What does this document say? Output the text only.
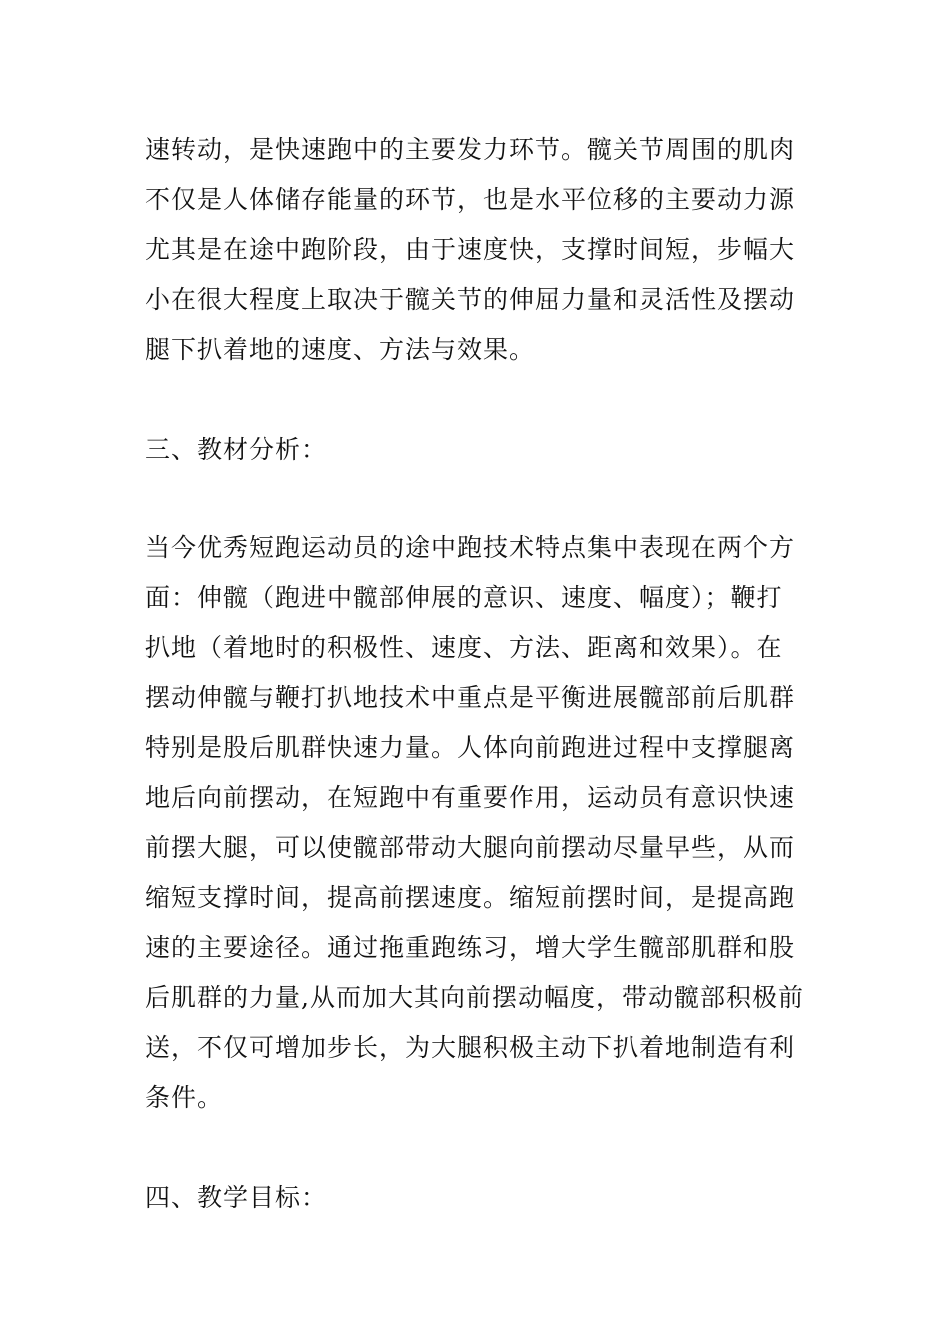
速转动，是快速跑中的主要发力环节。髋关节周围的肌肉
不仅是人体储存能量的环节，也是水平位移的主要动力源
尤其是在途中跑阶段，由于速度快，支撑时间短，步幅大
小在很大程度上取决于髋关节的伸屈力量和灵活性及摆动
腿下扒着地的速度、方法与效果。
三、教材分析：
当今优秀短跑运动员的途中跑技术特点集中表现在两个方
面：伸髋（跑进中髋部伸展的意识、速度、幅度）；鞭打
扒地（着地时的积极性、速度、方法、距离和效果）。在
摆动伸髋与鞭打扒地技术中重点是平衡进展髋部前后肌群
特别是股后肌群快速力量。人体向前跑进过程中支撑腿离
地后向前摆动，在短跑中有重要作用，运动员有意识快速
前摆大腿，可以使髋部带动大腿向前摆动尽量早些，从而
缩短支撑时间，提高前摆速度。缩短前摆时间，是提高跑
速的主要途径。通过拖重跑练习，增大学生髋部肌群和股
后肌群的力量,从而加大其向前摆动幅度，带动髋部积极前
送，不仅可增加步长，为大腿积极主动下扒着地制造有利
条件。
四、教学目标：
